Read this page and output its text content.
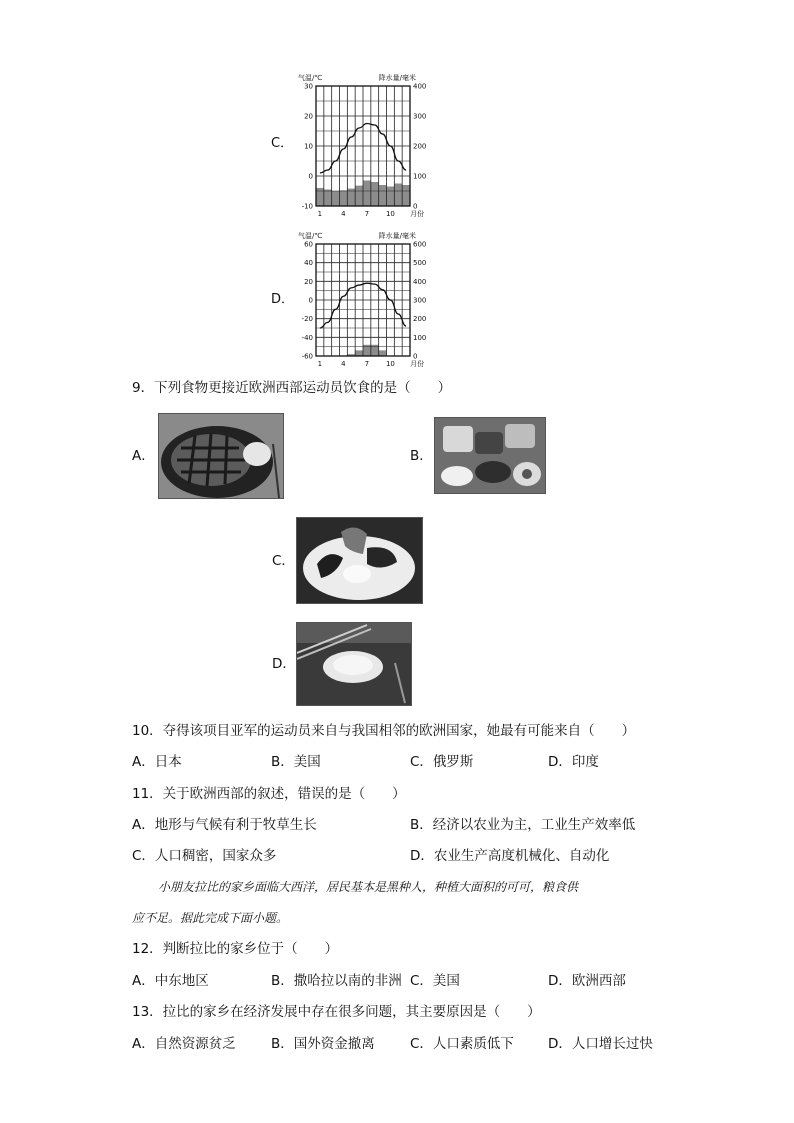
C．
30
20
10
0
-10
400
300
200
100
0
1	4	7 10 月份
气温/℃	降水量/毫米
D．
60
40
20
0
-20
-40
-60
600
500
400
300
200
100
0
1	4	7 10 月份
气温/℃	降水量/毫米
9．下列食物更接近欧洲西部运动员饮食的是（　　）
A．	B．
C．
D．
10．夺得该项目亚军的运动员来自与我国相邻的欧洲国家，她最有可能来自（　　）
A．日本	B．美国	C．俄罗斯	D．印度
11．关于欧洲西部的叙述，错误的是（　　）
A．地形与气候有利于牧草生长	B．经济以农业为主，工业生产效率低
C．人口稠密，国家众多	D．农业生产高度机械化、自动化
小朋友拉比的家乡面临大西洋，居民基本是黑种人，种植大面积的可可，粮食供
应不足。据此完成下面小题。
12．判断拉比的家乡位于（　　）
A．中东地区	B．撒哈拉以南的非洲 C．美国	D．欧洲西部
13．拉比的家乡在经济发展中存在很多问题，其主要原因是（　　）
A．自然资源贫乏	B．国外资金撤离	C．人口素质低下	D．人口增长过快
